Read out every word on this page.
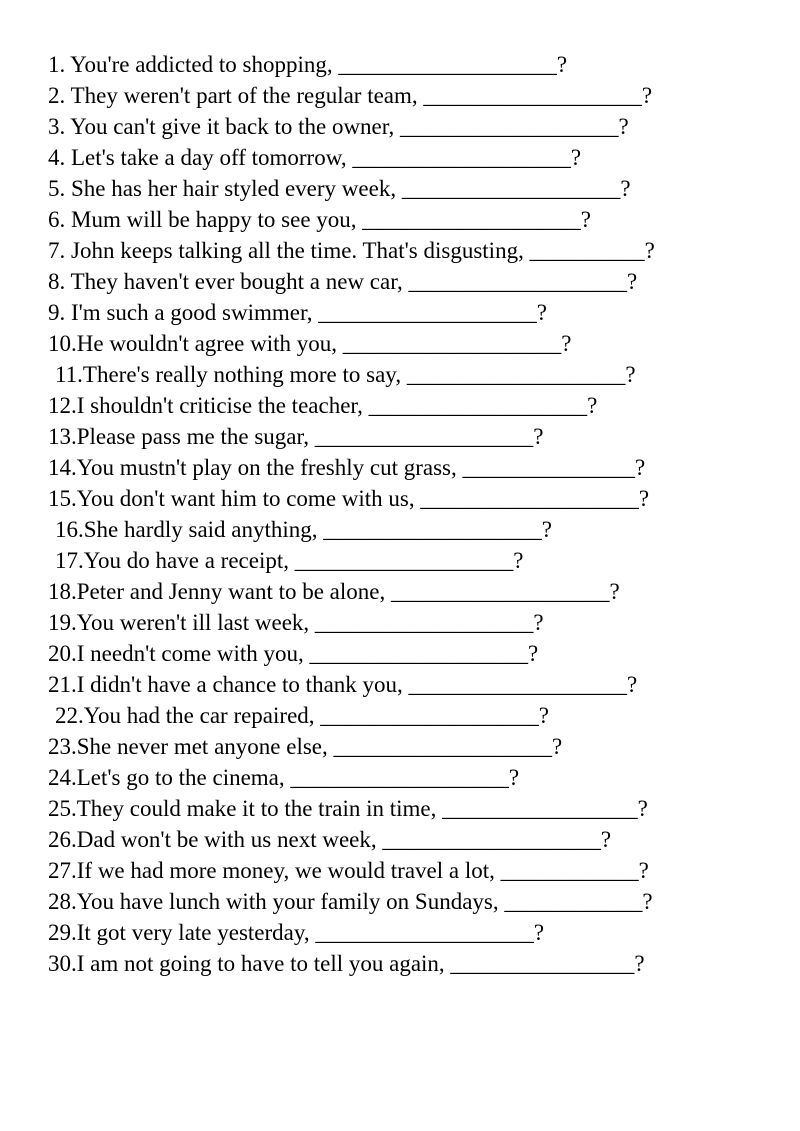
1. You're addicted to shopping, ___________________?
2. They weren't part of the regular team, ___________________?
3. You can't give it back to the owner, ___________________?
4. Let's take a day off tomorrow, ___________________?
5. She has her hair styled every week, ___________________?
6. Mum will be happy to see you, ___________________?
7. John keeps talking all the time. That's disgusting, __________?
8. They haven't ever bought a new car, ___________________?
9. I'm such a good swimmer, ___________________?
10.He wouldn't agree with you, ___________________?
11.There's really nothing more to say, ___________________?
12.I shouldn't criticise the teacher, ___________________?
13.Please pass me the sugar, ___________________?
14.You mustn't play on the freshly cut grass, _______________?
15.You don't want him to come with us, ___________________?
16.She hardly said anything, ___________________?
17.You do have a receipt, ___________________?
18.Peter and Jenny want to be alone, ___________________?
19.You weren't ill last week, ___________________?
20.I needn't come with you, ___________________?
21.I didn't have a chance to thank you, ___________________?
22.You had the car repaired, ___________________?
23.She never met anyone else, ___________________?
24.Let's go to the cinema, ___________________?
25.They could make it to the train in time, _________________?
26.Dad won't be with us next week, ___________________?
27.If we had more money, we would travel a lot, ____________?
28.You have lunch with your family on Sundays, ____________?
29.It got very late yesterday, ___________________?
30.I am not going to have to tell you again, ________________?
